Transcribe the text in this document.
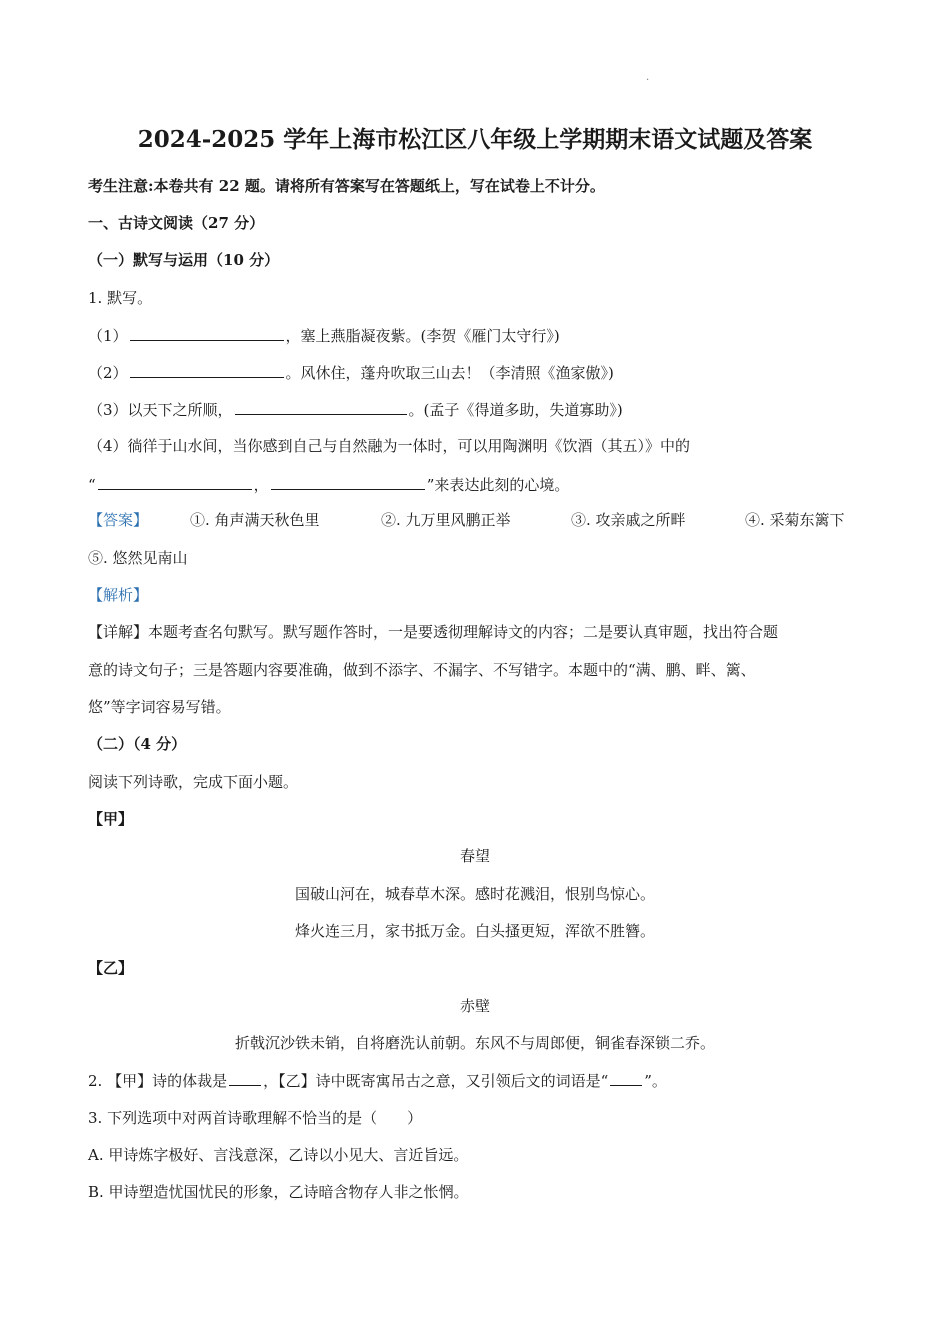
.
2024-2025 学年上海市松江区八年级上学期期末语文试题及答案
考生注意:本卷共有 22 题。请将所有答案写在答题纸上，写在试卷上不计分。
一、古诗文阅读（27 分）
（一）默写与运用（10 分）
1. 默写。
（1）	，塞上燕脂凝夜紫。(李贺《雁门太守行》)
（2）	。风休住，蓬舟吹取三山去！（李清照《渔家傲》)
（3）以天下之所顺，	。(孟子《得道多助，失道寡助》)
（4）徜徉于山水间，当你感到自己与自然融为一体时，可以用陶渊明《饮酒（其五）》中的
“	，	”来表达此刻的心境。
【答案】	①. 角声满天秋色里	②. 九万里风鹏正举	③. 攻亲戚之所畔	④. 采菊东篱下
⑤. 悠然见南山
【解析】
【详解】本题考查名句默写。默写题作答时，一是要透彻理解诗文的内容；二是要认真审题，找出符合题
意的诗文句子；三是答题内容要准确，做到不添字、不漏字、不写错字。本题中的“满、鹏、畔、篱、
悠”等字词容易写错。
（二）（4 分）
阅读下列诗歌，完成下面小题。
【甲】
春望
国破山河在，城春草木深。感时花溅泪，恨别鸟惊心。
烽火连三月，家书抵万金。白头搔更短，浑欲不胜簪。
【乙】
赤壁
折戟沉沙铁未销，自将磨洗认前朝。东风不与周郎便，铜雀春深锁二乔。
2. 【甲】诗的体裁是 ，【乙】诗中既寄寓吊古之意，又引领后文的词语是“ ”。
3. 下列选项中对两首诗歌理解不恰当的是（　　）
A. 甲诗炼字极好、言浅意深，乙诗以小见大、言近旨远。
B. 甲诗塑造忧国忧民的形象，乙诗暗含物存人非之怅惘。
